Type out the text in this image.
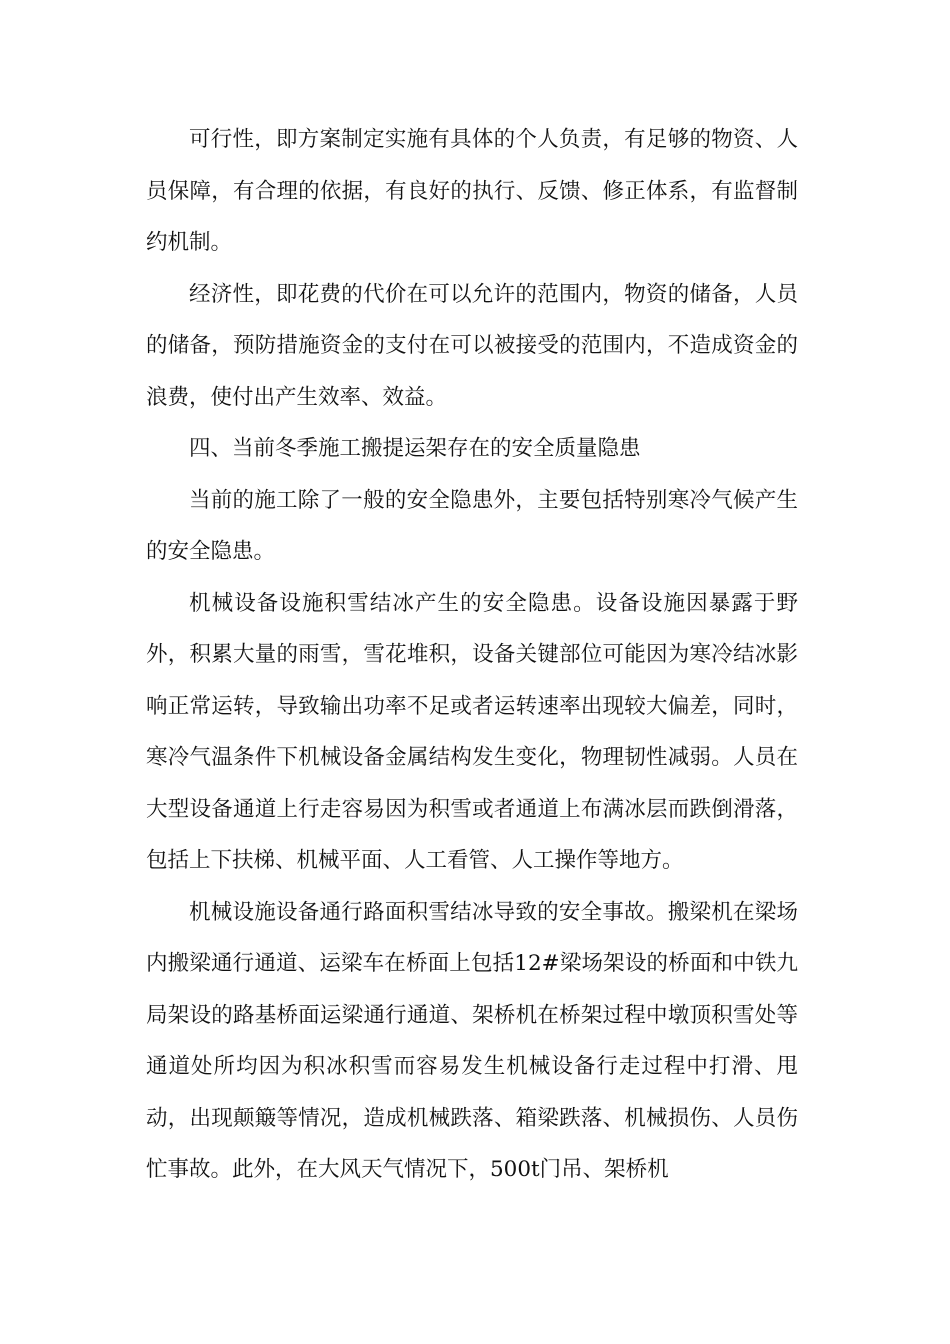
可行性，即方案制定实施有具体的个人负责，有足够的物资、人员保障，有合理的依据，有良好的执行、反馈、修正体系，有监督制约机制。

经济性，即花费的代价在可以允许的范围内，物资的储备，人员的储备，预防措施资金的支付在可以被接受的范围内，不造成资金的浪费，使付出产生效率、效益。

四、当前冬季施工搬提运架存在的安全质量隐患

当前的施工除了一般的安全隐患外，主要包括特别寒冷气候产生的安全隐患。

机械设备设施积雪结冰产生的安全隐患。设备设施因暴露于野外，积累大量的雨雪，雪花堆积，设备关键部位可能因为寒冷结冰影响正常运转，导致输出功率不足或者运转速率出现较大偏差，同时，寒冷气温条件下机械设备金属结构发生变化，物理韧性减弱。人员在大型设备通道上行走容易因为积雪或者通道上布满冰层而跌倒滑落，包括上下扶梯、机械平面、人工看管、人工操作等地方。

机械设施设备通行路面积雪结冰导致的安全事故。搬梁机在梁场内搬梁通行通道、运梁车在桥面上包括12#梁场架设的桥面和中铁九局架设的路基桥面运梁通行通道、架桥机在桥架过程中墩顶积雪处等通道处所均因为积冰积雪而容易发生机械设备行走过程中打滑、甩动，出现颠簸等情况，造成机械跌落、箱梁跌落、机械损伤、人员伤忙事故。此外，在大风天气情况下，500t门吊、架桥机
